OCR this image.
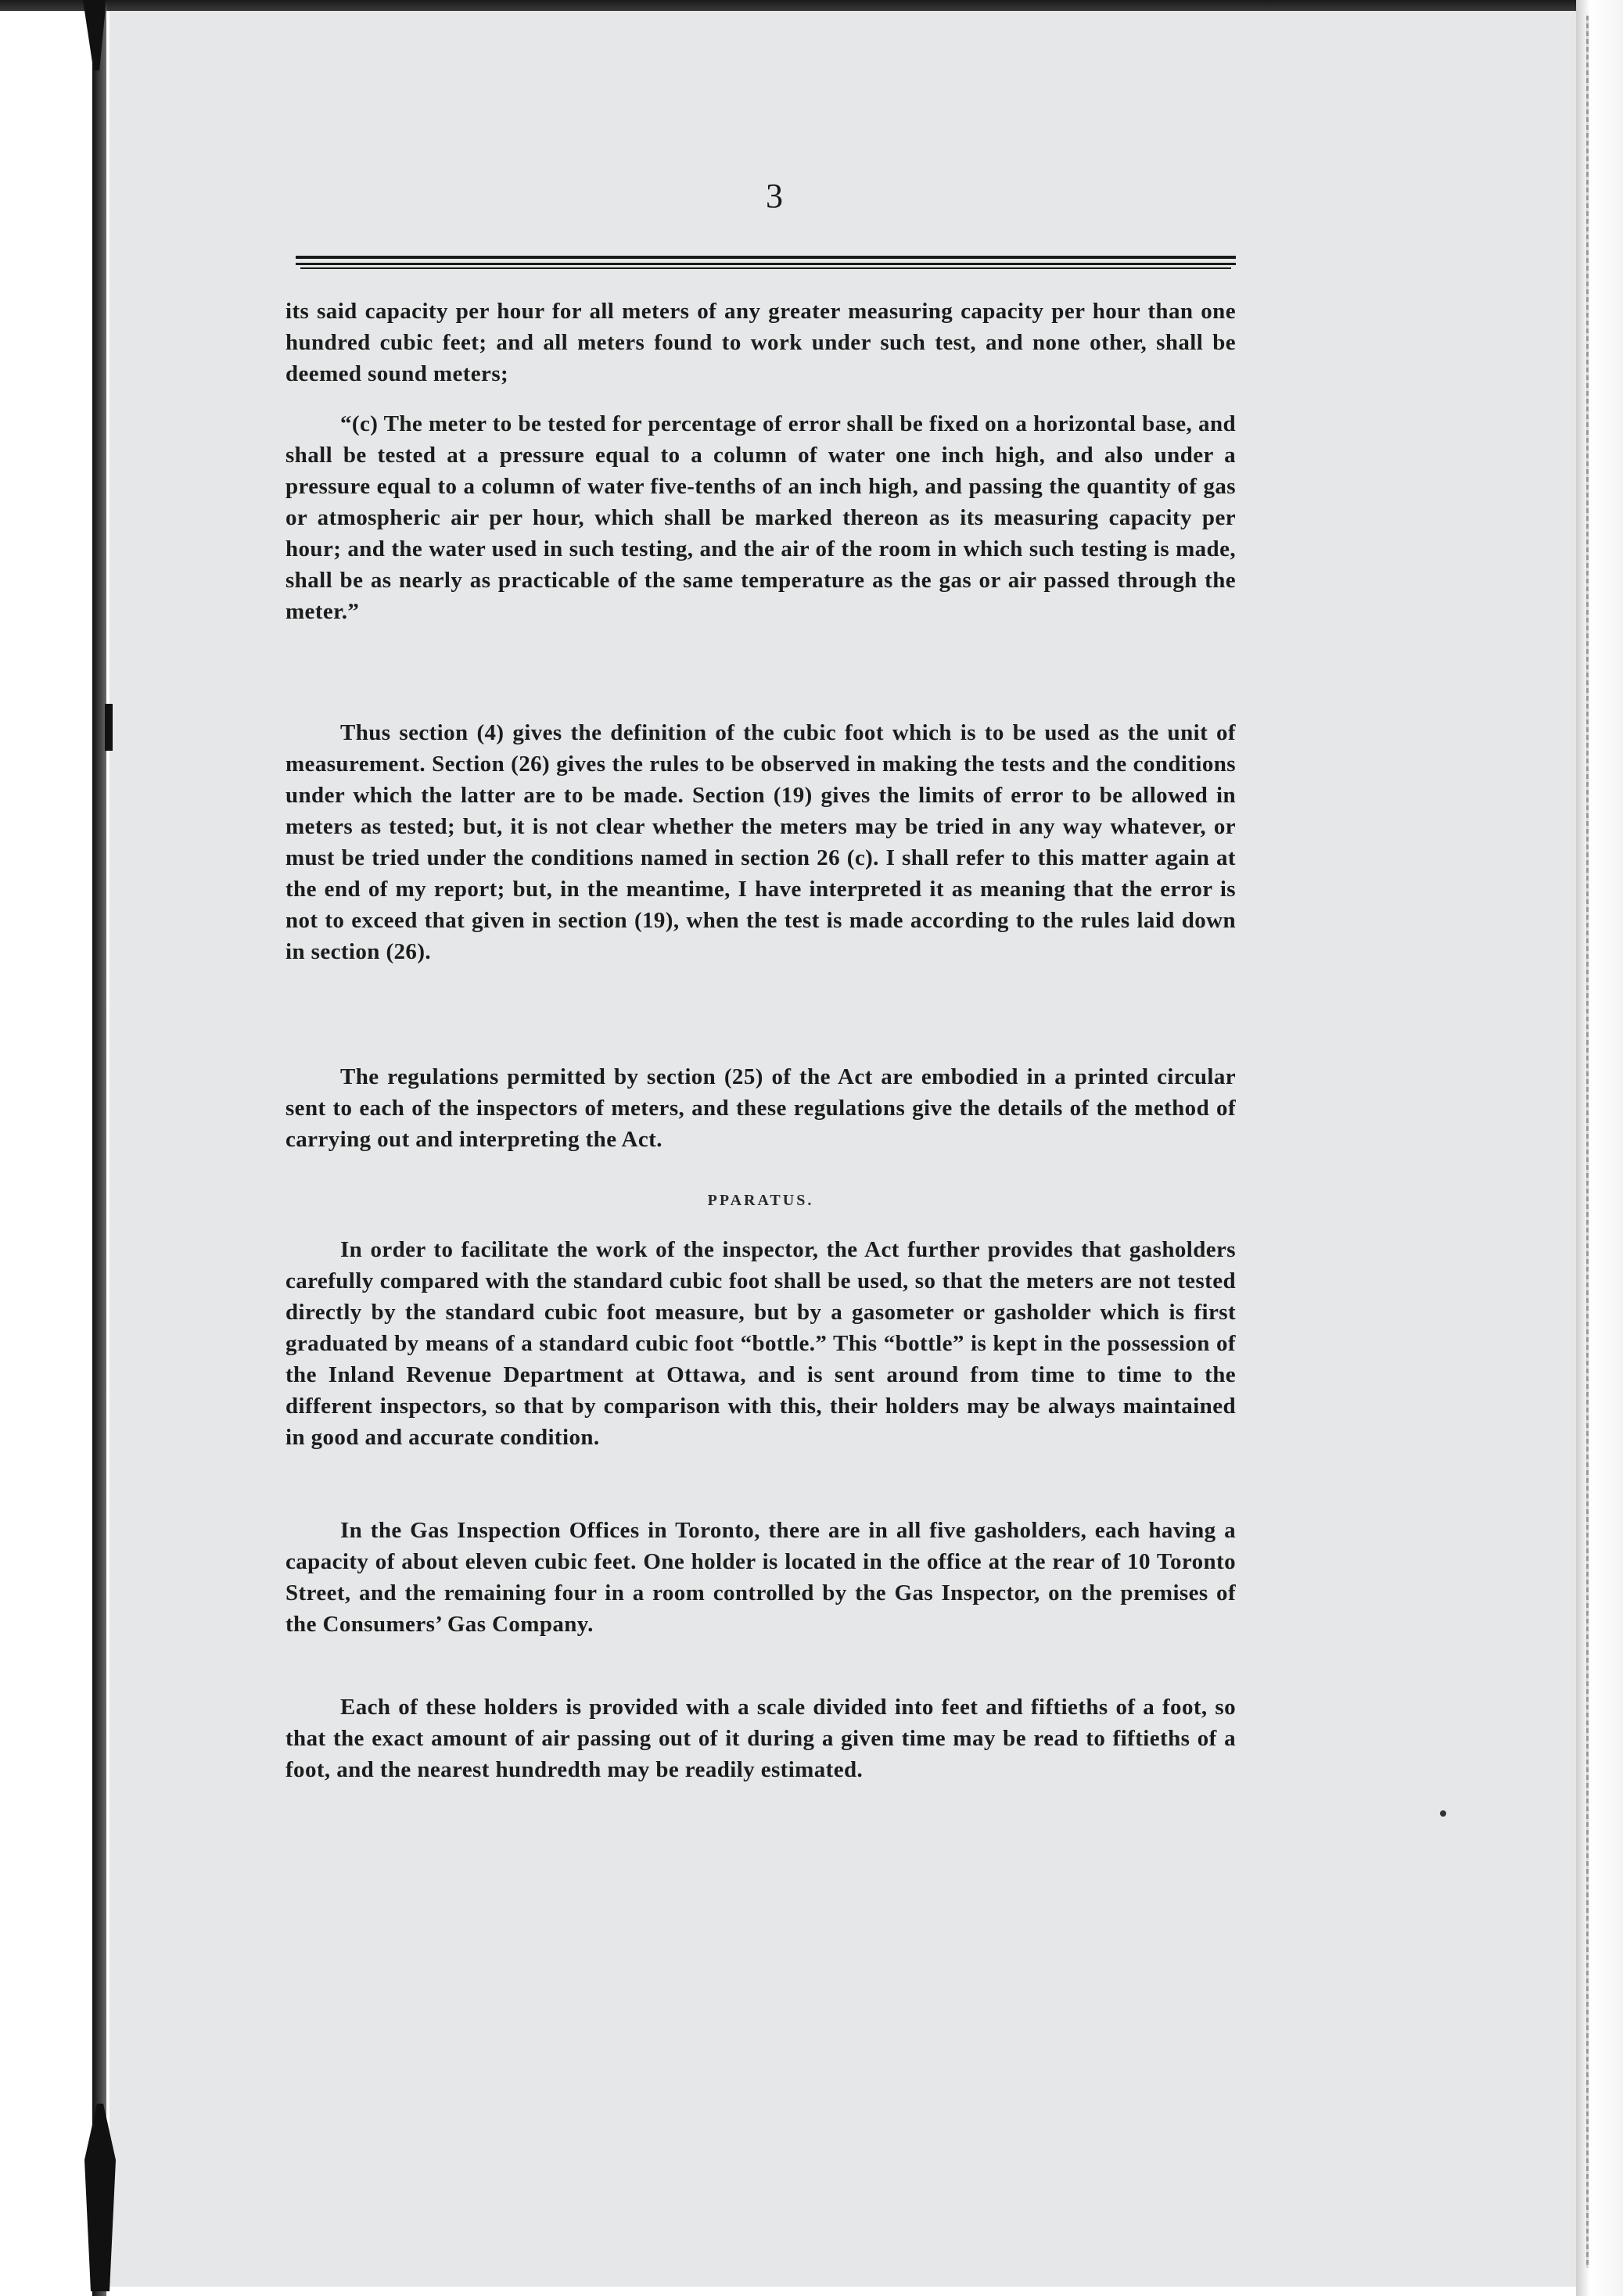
3

its said capacity per hour for all meters of any greater measuring capacity per hour than one hundred cubic feet; and all meters found to work under such test, and none other, shall be deemed sound meters;

“(c) The meter to be tested for percentage of error shall be fixed on a horizontal base, and shall be tested at a pressure equal to a column of water one inch high, and also under a pressure equal to a column of water five-tenths of an inch high, and passing the quantity of gas or atmospheric air per hour, which shall be marked thereon as its measuring capacity per hour; and the water used in such testing, and the air of the room in which such testing is made, shall be as nearly as practicable of the same temperature as the gas or air passed through the meter.”

Thus section (4) gives the definition of the cubic foot which is to be used as the unit of measurement. Section (26) gives the rules to be observed in making the tests and the conditions under which the latter are to be made. Section (19) gives the limits of error to be allowed in meters as tested; but, it is not clear whether the meters may be tried in any way whatever, or must be tried under the conditions named in section 26 (c). I shall refer to this matter again at the end of my report; but, in the meantime, I have interpreted it as meaning that the error is not to exceed that given in section (19), when the test is made according to the rules laid down in section (26).

The regulations permitted by section (25) of the Act are embodied in a printed circular sent to each of the inspectors of meters, and these regulations give the details of the method of carrying out and interpreting the Act.

PPARATUS.

In order to facilitate the work of the inspector, the Act further provides that gasholders carefully compared with the standard cubic foot shall be used, so that the meters are not tested directly by the standard cubic foot measure, but by a gasometer or gasholder which is first graduated by means of a standard cubic foot “bottle.” This “bottle” is kept in the possession of the Inland Revenue Department at Ottawa, and is sent around from time to time to the different inspectors, so that by comparison with this, their holders may be always maintained in good and accurate condition.

In the Gas Inspection Offices in Toronto, there are in all five gasholders, each having a capacity of about eleven cubic feet. One holder is located in the office at the rear of 10 Toronto Street, and the remaining four in a room controlled by the Gas Inspector, on the premises of the Consumers’ Gas Company.

Each of these holders is provided with a scale divided into feet and fiftieths of a foot, so that the exact amount of air passing out of it during a given time may be read to fiftieths of a foot, and the nearest hundredth may be readily estimated.
